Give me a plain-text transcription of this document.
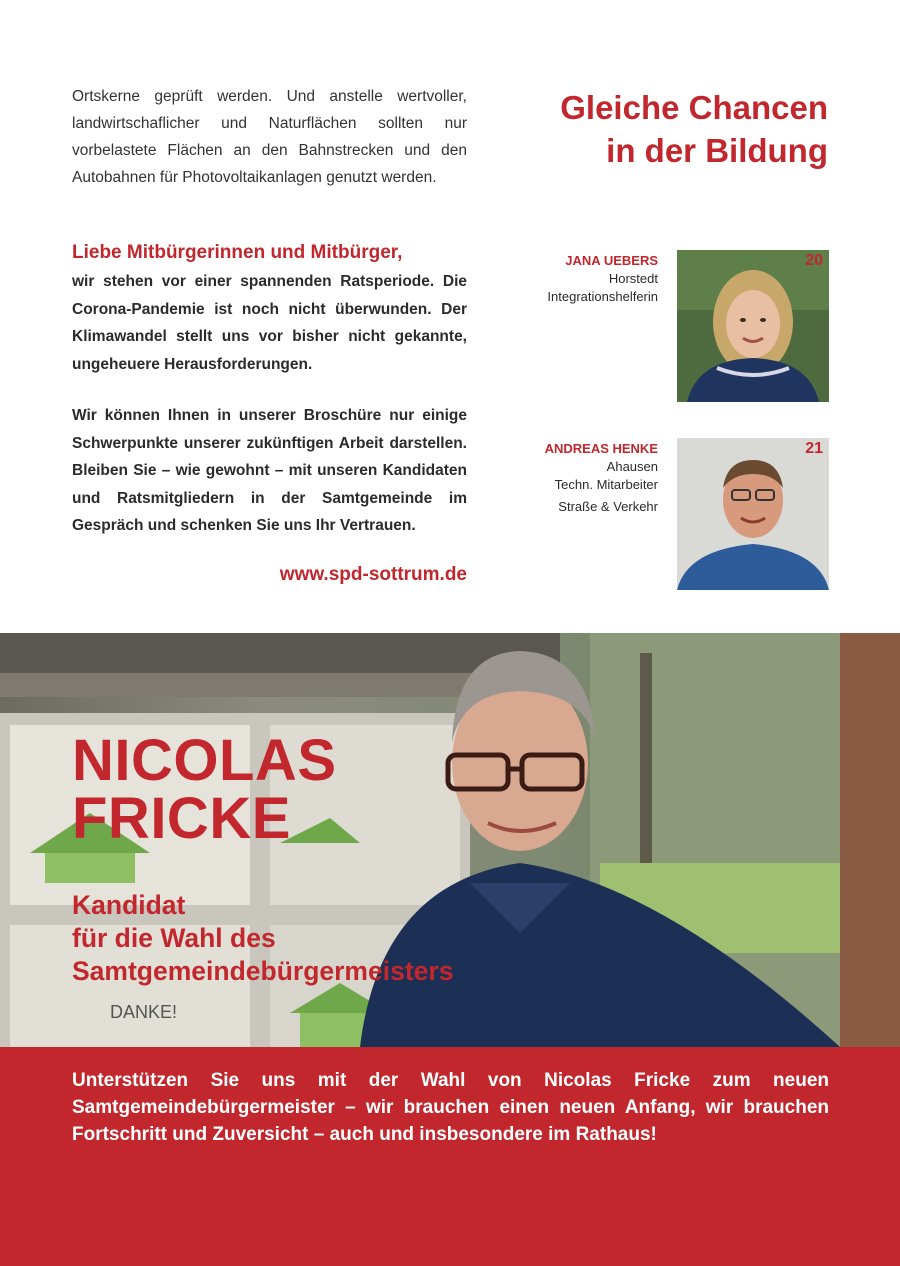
Ortskerne geprüft werden. Und anstelle wertvoller, landwirtschaflicher und Naturflächen sollten nur vorbelastete Flächen an den Bahnstrecken und den Autobahnen für Photovoltaikanlagen genutzt werden.
Gleiche Chancen
in der Bildung
Liebe Mitbürgerinnen und Mitbürger,
wir stehen vor einer spannenden Ratsperiode. Die Corona-Pandemie ist noch nicht überwunden. Der Klimawandel stellt uns vor bisher nicht gekannte, ungeheuere Herausforderungen.
Wir können Ihnen in unserer Broschüre nur einige Schwerpunkte unserer zukünftigen Arbeit darstellen. Bleiben Sie – wie gewohnt – mit unseren Kandidaten und Ratsmitgliedern in der Samtgemeinde im Gespräch und schenken Sie uns Ihr Vertrauen.
www.spd-sottrum.de
JANA UEBERS
Horstedt
Integrationshelferin
20
ANDREAS HENKE
Ahausen
Techn. Mitarbeiter
Straße & Verkehr
21
DANKE!
NICOLAS
FRICKE
Kandidat
für die Wahl des
Samtgemeindebürgermeisters
Unterstützen Sie uns mit der Wahl von Nicolas Fricke zum neuen Samtgemeindebürgermeister – wir brauchen einen neuen Anfang, wir brauchen Fortschritt und Zuversicht – auch und insbesondere im Rathaus!
